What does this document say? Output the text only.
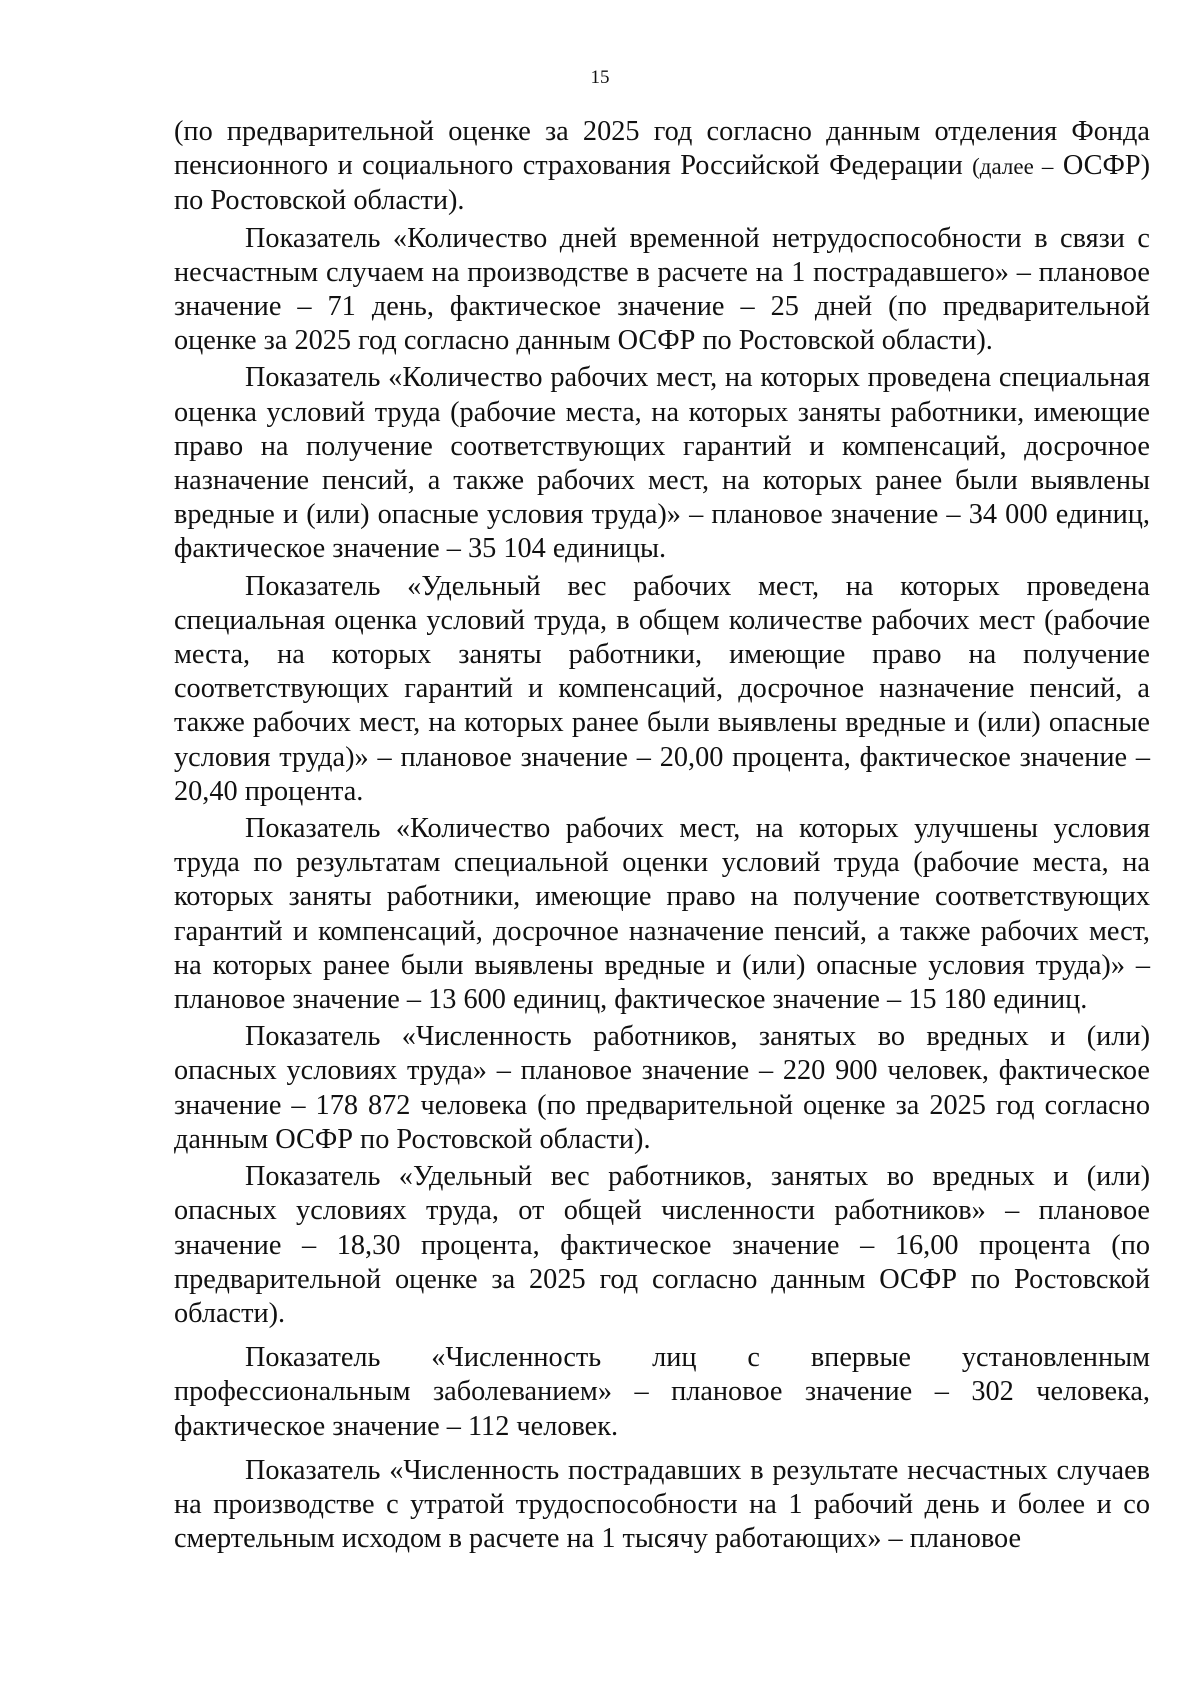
15

(по предварительной оценке за 2025 год согласно данным отделения Фонда пенсионного и социального страхования Российской Федерации (далее – ОСФР) по Ростовской области).

Показатель «Количество дней временной нетрудоспособности в связи с несчастным случаем на производстве в расчете на 1 пострадавшего» – плановое значение – 71 день, фактическое значение – 25 дней (по предварительной оценке за 2025 год согласно данным ОСФР по Ростовской области).

Показатель «Количество рабочих мест, на которых проведена специальная оценка условий труда (рабочие места, на которых заняты работники, имеющие право на получение соответствующих гарантий и компенсаций, досрочное назначение пенсий, а также рабочих мест, на которых ранее были выявлены вредные и (или) опасные условия труда)» – плановое значение – 34 000 единиц, фактическое значение – 35 104 единицы.

Показатель «Удельный вес рабочих мест, на которых проведена специальная оценка условий труда, в общем количестве рабочих мест (рабочие места, на которых заняты работники, имеющие право на получение соответствующих гарантий и компенсаций, досрочное назначение пенсий, а также рабочих мест, на которых ранее были выявлены вредные и (или) опасные условия труда)» – плановое значение – 20,00 процента, фактическое значение – 20,40 процента.

Показатель «Количество рабочих мест, на которых улучшены условия труда по результатам специальной оценки условий труда (рабочие места, на которых заняты работники, имеющие право на получение соответствующих гарантий и компенсаций, досрочное назначение пенсий, а также рабочих мест, на которых ранее были выявлены вредные и (или) опасные условия труда)» – плановое значение – 13 600 единиц, фактическое значение – 15 180 единиц.

Показатель «Численность работников, занятых во вредных и (или) опасных условиях труда» – плановое значение – 220 900 человек, фактическое значение – 178 872 человека (по предварительной оценке за 2025 год согласно данным ОСФР по Ростовской области).

Показатель «Удельный вес работников, занятых во вредных и (или) опасных условиях труда, от общей численности работников» – плановое значение – 18,30 процента, фактическое значение – 16,00 процента (по предварительной оценке за 2025 год согласно данным ОСФР по Ростовской области).

Показатель «Численность лиц с впервые установленным профессиональным заболеванием» – плановое значение – 302 человека, фактическое значение – 112 человек.

Показатель «Численность пострадавших в результате несчастных случаев на производстве с утратой трудоспособности на 1 рабочий день и более и со смертельным исходом в расчете на 1 тысячу работающих» – плановое
